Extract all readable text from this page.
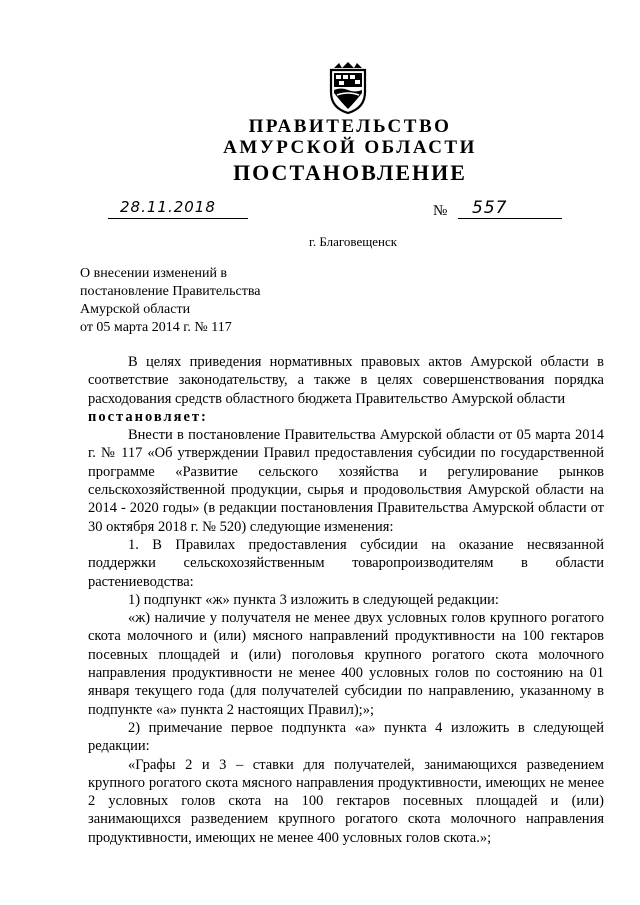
ПРАВИТЕЛЬСТВО
АМУРСКОЙ ОБЛАСТИ
ПОСТАНОВЛЕНИЕ
28.11.2018	№ 557
г. Благовещенск
О внесении изменений в
постановление Правительства
Амурской области
от 05 марта 2014 г. № 117

В целях приведения нормативных правовых актов Амурской области в соответствие законодательству, а также в целях совершенствования порядка расходования средств областного бюджета Правительство Амурской области

постановляет:

Внести в постановление Правительства Амурской области от 05 марта 2014 г. № 117 «Об утверждении Правил предоставления субсидии по государственной программе «Развитие сельского хозяйства и регулирование рынков сельскохозяйственной продукции, сырья и продовольствия Амурской области на 2014 - 2020 годы» (в редакции постановления Правительства Амурской области от 30 октября 2018 г. № 520) следующие изменения:

1. В Правилах предоставления субсидии на оказание несвязанной поддержки сельскохозяйственным товаропроизводителям в области растениеводства:

1) подпункт «ж» пункта 3 изложить в следующей редакции:

«ж) наличие у получателя не менее двух условных голов крупного рогатого скота молочного и (или) мясного направлений продуктивности на 100 гектаров посевных площадей и (или) поголовья крупного рогатого скота молочного направления продуктивности не менее 400 условных голов по состоянию на 01 января текущего года (для получателей субсидии по направлению, указанному в подпункте «а» пункта 2 настоящих Правил);»;

2) примечание первое подпункта «а» пункта 4 изложить в следующей редакции:

«Графы 2 и 3 – ставки для получателей, занимающихся разведением крупного рогатого скота мясного направления продуктивности, имеющих не менее 2 условных голов скота на 100 гектаров посевных площадей и (или) занимающихся разведением крупного рогатого скота молочного направления продуктивности, имеющих не менее 400 условных голов скота.»;
